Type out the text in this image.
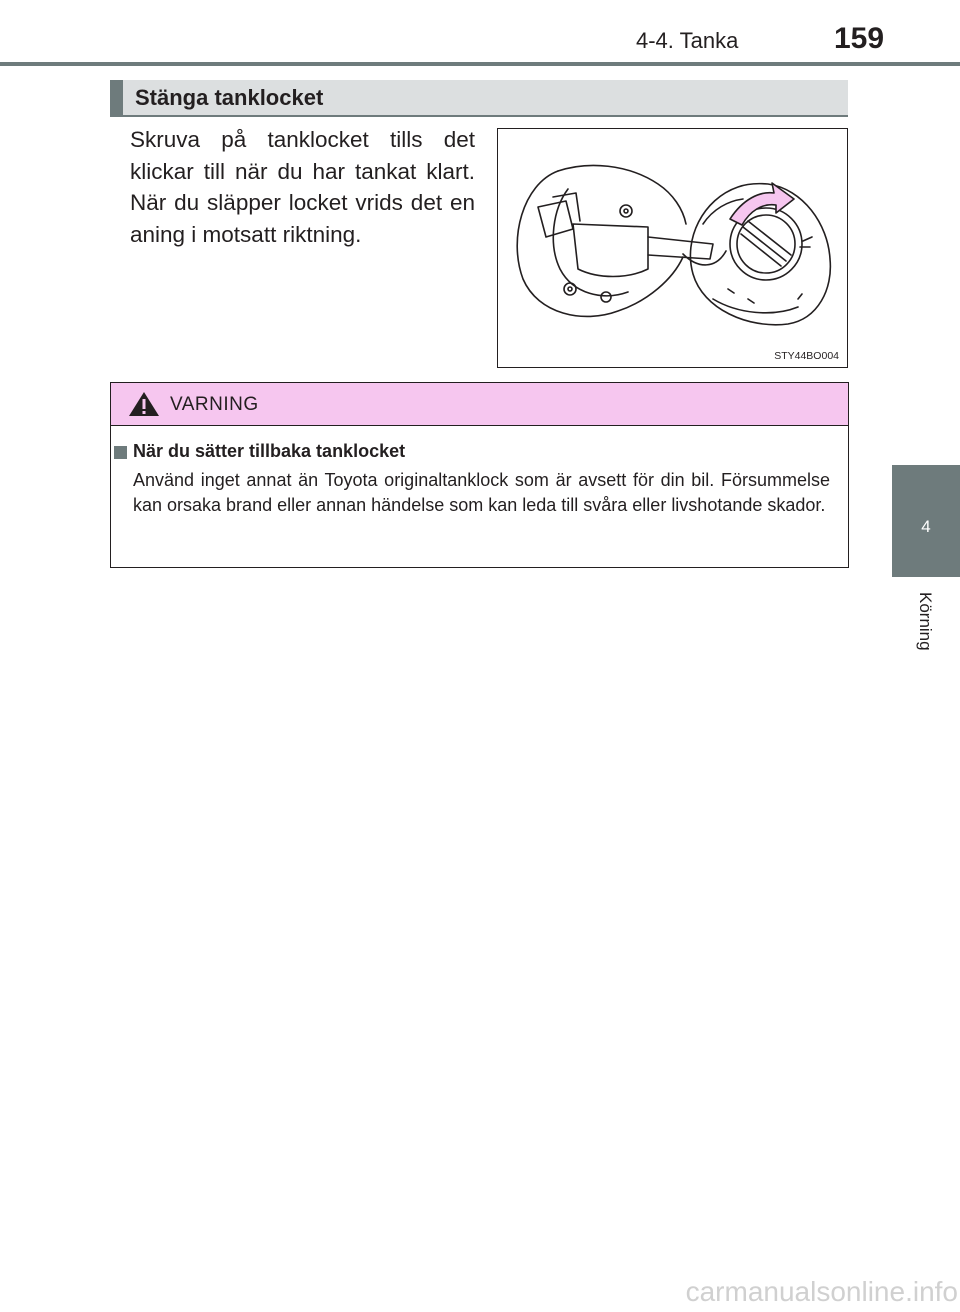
4-4. Tanka	159
4
Körning
Stänga tanklocket
Skruva på tanklocket tills det klickar till när du har tankat klart. När du släpper locket vrids det en aning i motsatt riktning.
STY44BO004
VARNING
När du sätter tillbaka tanklocket
Använd inget annat än Toyota originaltanklock som är avsett för din bil. Försummelse kan orsaka brand eller annan händelse som kan leda till svåra eller livshotande skador.
carmanualsonline.info
